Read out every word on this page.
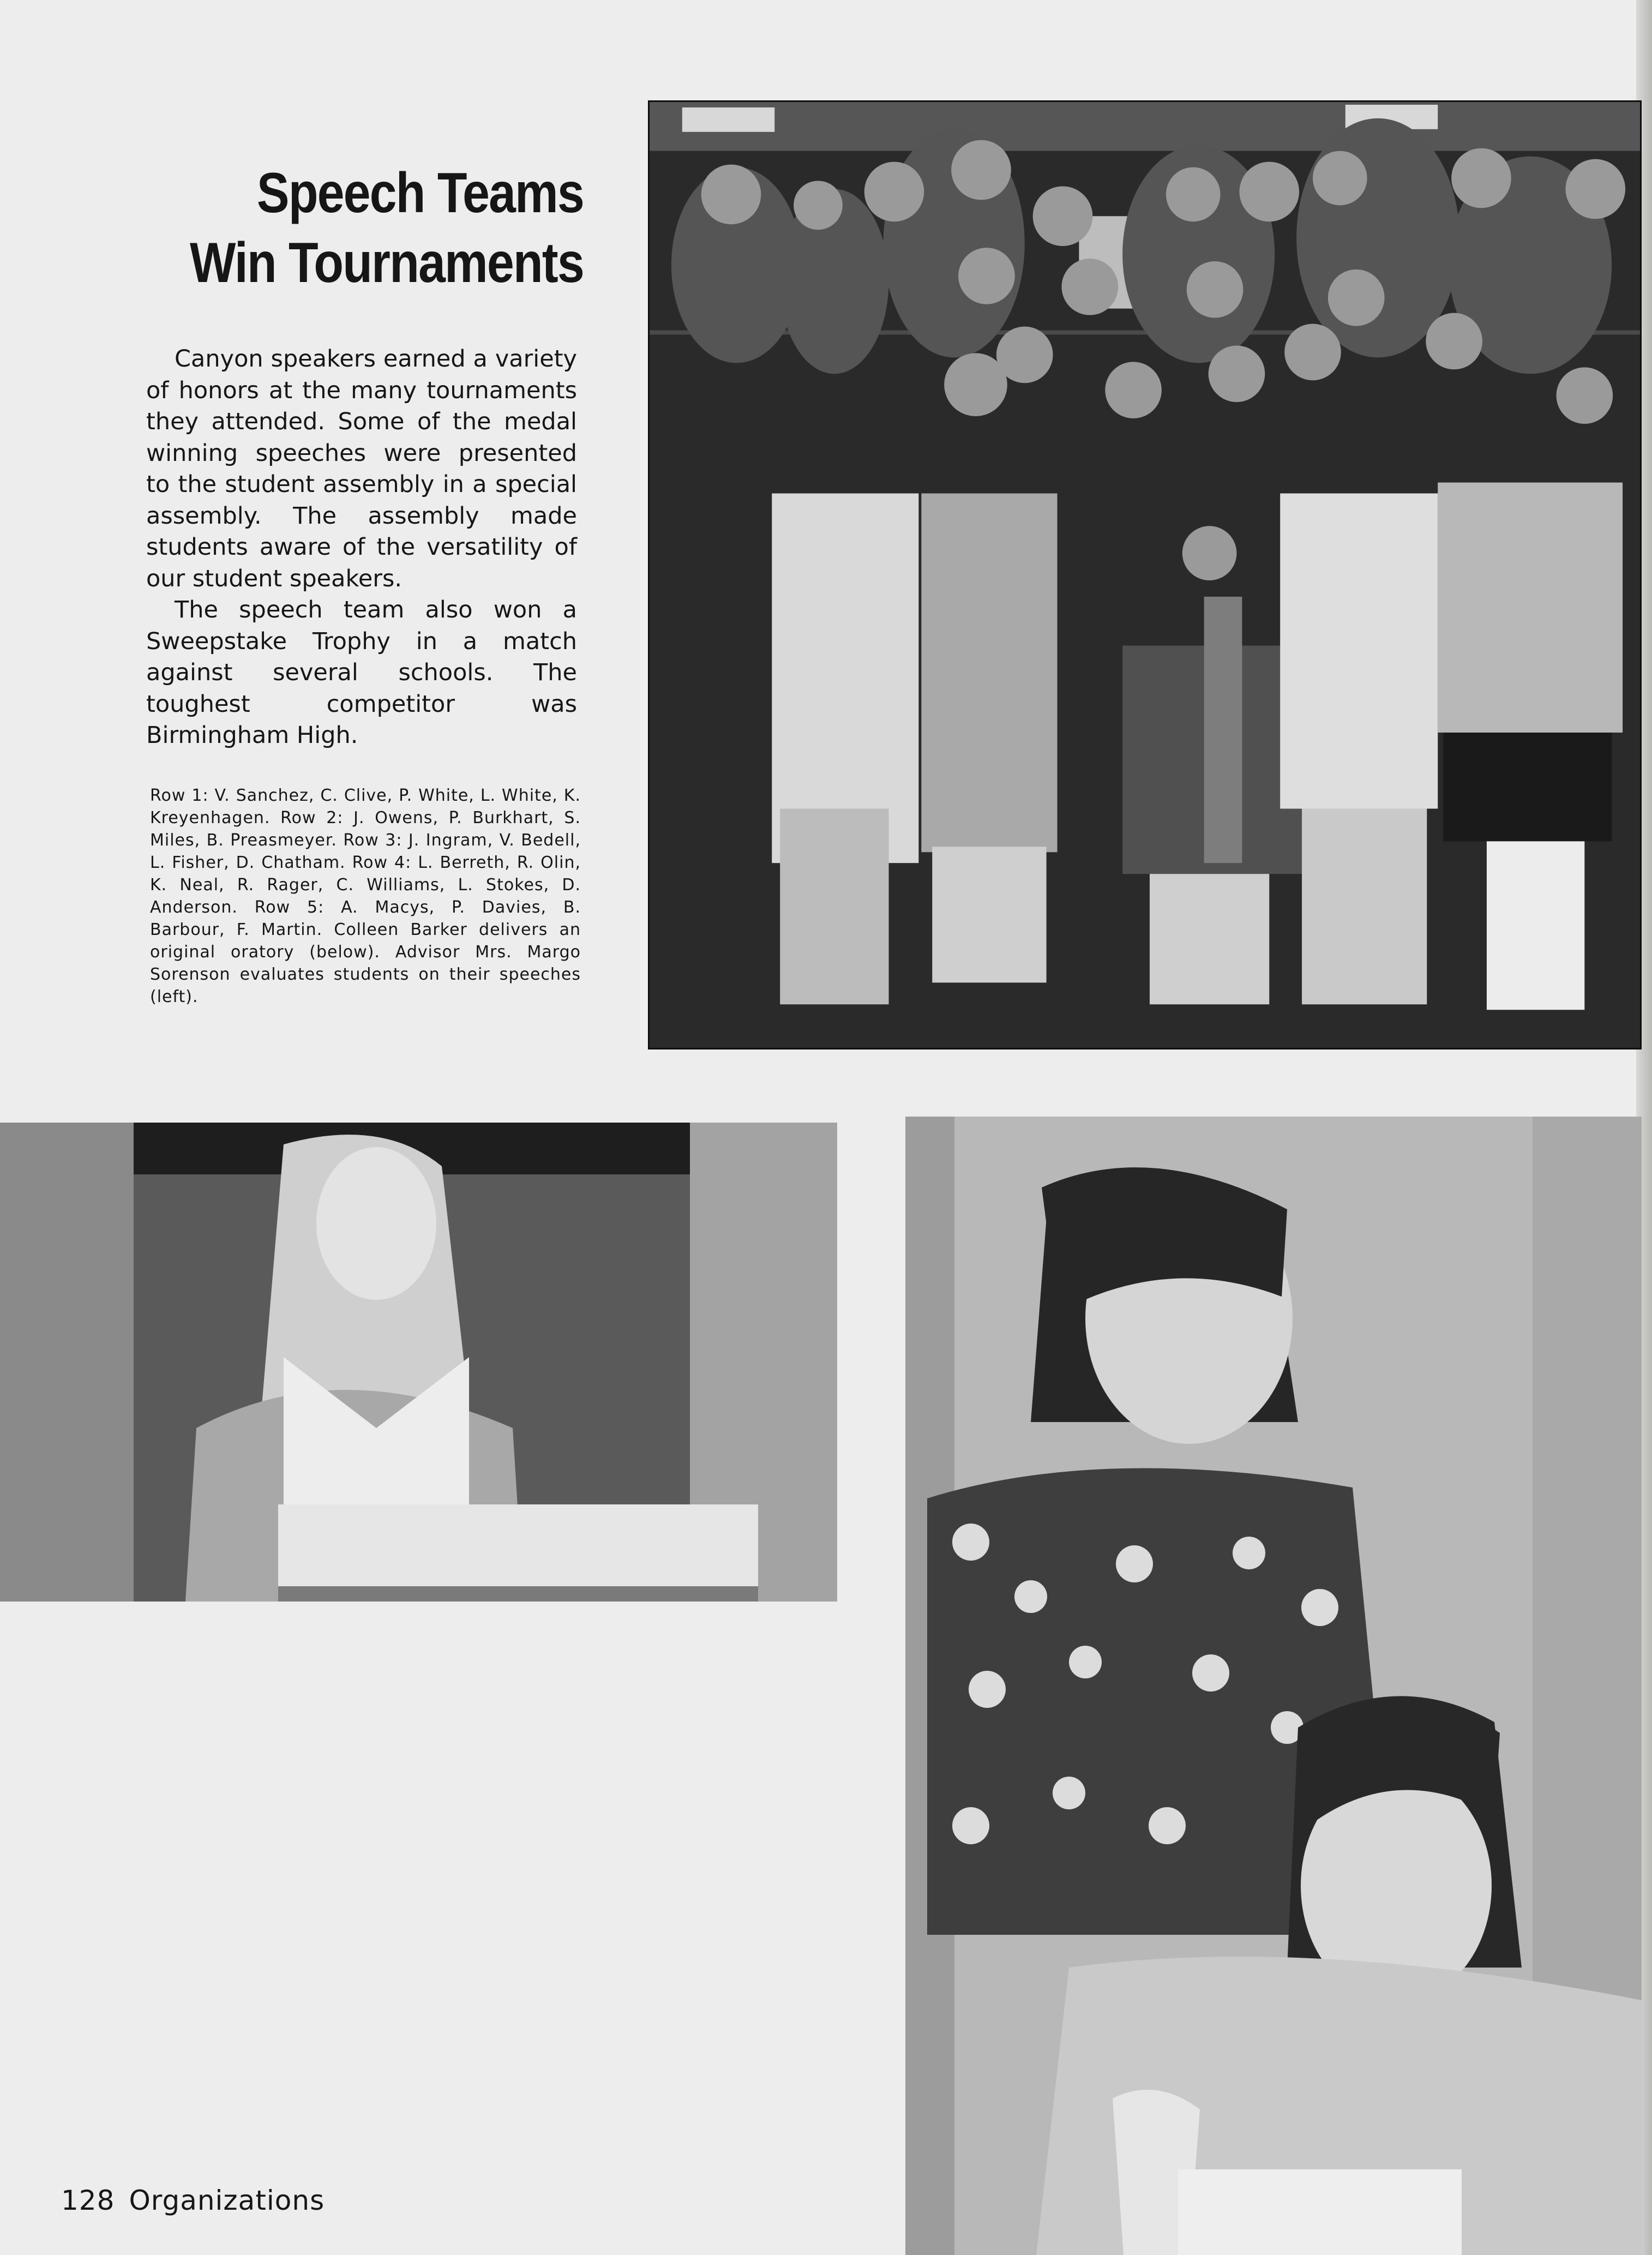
Speech Teams
Win Tournaments

Canyon speakers earned a variety of honors at the many tournaments they attended. Some of the medal winning speeches were presented to the student assembly in a special assembly. The assembly made students aware of the versatility of our student speakers.

The speech team also won a Sweepstake Trophy in a match against several schools. The toughest competitor was Birmingham High.

Row 1: V. Sanchez, C. Clive, P. White, L. White, K. Kreyenhagen. Row 2: J. Owens, P. Burkhart, S. Miles, B. Preasmeyer. Row 3: J. Ingram, V. Bedell, L. Fisher, D. Chatham. Row 4: L. Berreth, R. Olin, K. Neal, R. Rager, C. Williams, L. Stokes, D. Anderson. Row 5: A. Macys, P. Davies, B. Barbour, F. Martin. Colleen Barker delivers an original oratory (below). Advisor Mrs. Margo Sorenson evaluates students on their speeches (left).

128 Organizations
